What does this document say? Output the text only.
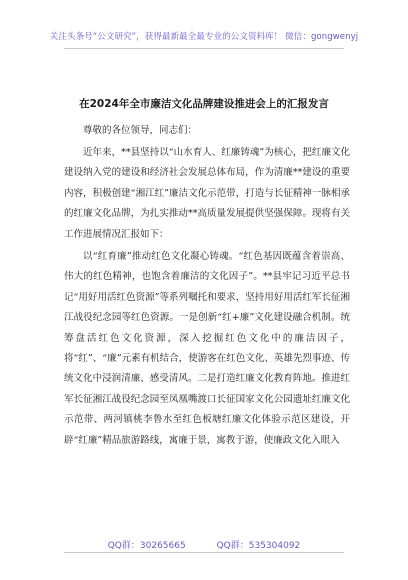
关注头条号“公文研究”，获得最新最全最专业的公文资料库！ 微信：gongwenyj
在2024年全市廉洁文化品牌建设推进会上的汇报发言

尊敬的各位领导，同志们：

近年来，**县坚持以“山水育人、红廉铸魂”为核心，把红廉文化建设纳入党的建设和经济社会发展总体布局，作为清廉**建设的重要内容，积极创建“湘江红”廉洁文化示范带，打造与长征精神一脉相承的红廉文化品牌，为扎实推动**高质量发展提供坚强保障。现将有关工作进展情况汇报如下：

以“红育廉”推动红色文化凝心铸魂。“红色基因既蕴含着崇高、伟大的红色精神，也饱含着廉洁的文化因子”。**县牢记习近平总书记“用好用活红色资源”等系列嘱托和要求，坚持用好用活红军长征湘江战役纪念园等红色资源。一是创新“红+廉”文化建设融合机制。统筹盘活红色文化资源，深入挖掘红色文化中的廉洁因子，将“红”、“廉”元素有机结合，使游客在红色文化、英雄先烈事迹、传统文化中浸润清廉、感受清风。二是打造红廉文化教育阵地。推进红军长征湘江战役纪念园至凤凰嘴渡口长征国家文化公园遗址红廉文化示范带、两河镇桃李鲁水至红色板塘红廉文化体验示范区建设，开辟“红廉”精品旅游路线，寓廉于景，寓教于游，使廉政文化入眼入

QQ群：30265665	QQ群：535304092
